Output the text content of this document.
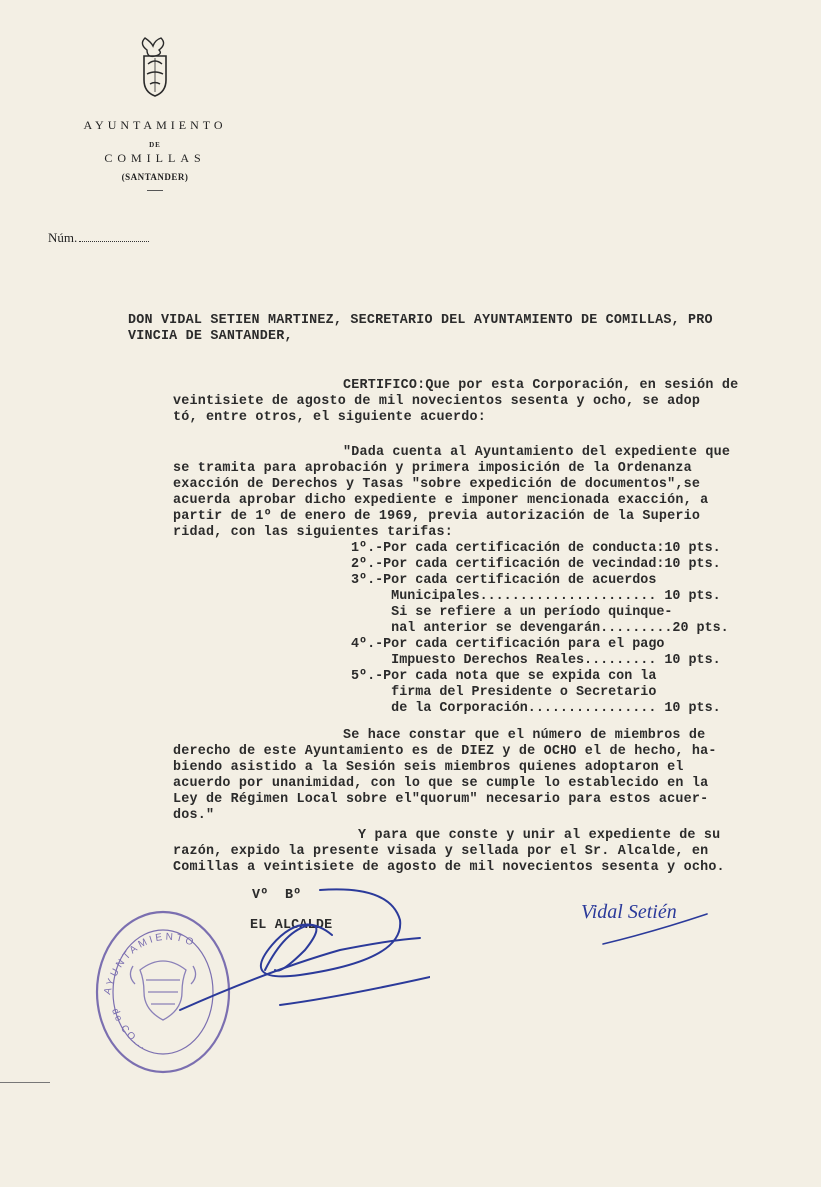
AYUNTAMIENTO
DE
COMILLAS
(SANTANDER)
Núm.
DON VIDAL SETIEN MARTINEZ, SECRETARIO DEL AYUNTAMIENTO DE COMILLAS, PRO
VINCIA DE SANTANDER,
CERTIFICO:Que por esta Corporación, en sesión de
veintisiete de agosto de mil novecientos sesenta y ocho, se adop
tó, entre otros, el siguiente acuerdo:
"Dada cuenta al Ayuntamiento del expediente que
se tramita para aprobación y primera imposición de la Ordenanza
exacción de Derechos y Tasas "sobre expedición de documentos",se
acuerda aprobar dicho expediente e imponer mencionada exacción, a
partir de 1º de enero de 1969, previa autorización de la Superio
ridad, con las siguientes tarifas:
1º.-Por cada certificación de conducta:10 pts.
2º.-Por cada certificación de vecindad:10 pts.
3º.-Por cada certificación de acuerdos
Municipales...................... 10 pts.
Si se refiere a un período quinque-
nal anterior se devengarán.........20 pts.
4º.-Por cada certificación para el pago
Impuesto Derechos Reales......... 10 pts.
5º.-Por cada nota que se expida con la
firma del Presidente o Secretario
de la Corporación................ 10 pts.
Se hace constar que el número de miembros de
derecho de este Ayuntamiento es de DIEZ y de OCHO el de hecho, ha-
biendo asistido a la Sesión seis miembros quienes adoptaron el
acuerdo por unanimidad, con lo que se cumple lo establecido en la
Ley de Régimen Local sobre el"quorum" necesario para estos acuer-
dos."
Y para que conste y unir al expediente de su
razón, expido la presente visada y sellada por el Sr. Alcalde, en
Comillas a veintisiete de agosto de mil novecientos sesenta y ocho.
Vº  Bº
EL ALCALDE
AYUNTAMIENTO
de CO...
Vidal Setién
